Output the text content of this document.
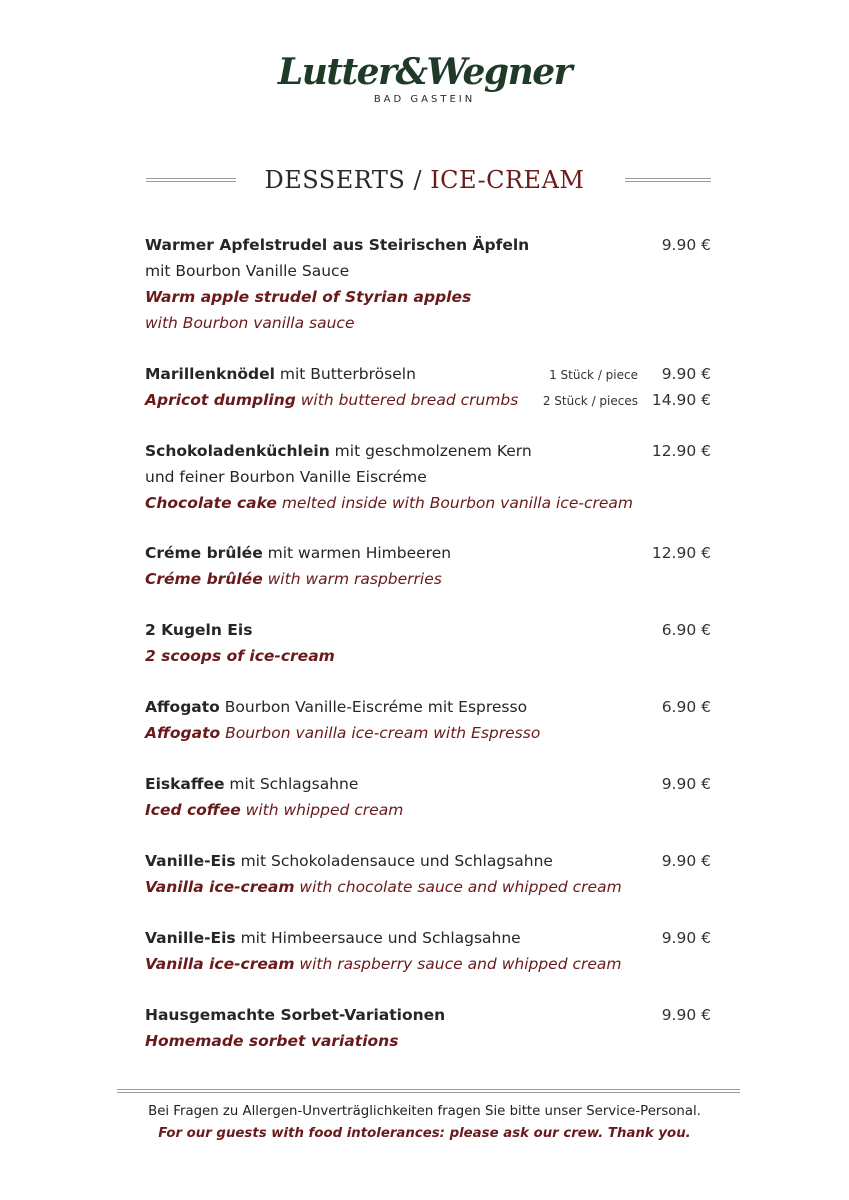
Lutter&Wegner
BAD GASTEIN
DESSERTS / ICE-CREAM
Warmer Apfelstrudel aus Steirischen Äpfeln	9.90 €
mit Bourbon Vanille Sauce
Warm apple strudel of Styrian apples
with Bourbon vanilla sauce
Marillenknödel mit Butterbröseln	1 Stück / piece 9.90 €
Apricot dumpling with buttered bread crumbs 2 Stück / pieces 14.90 €
Schokoladenküchlein mit geschmolzenem Kern	12.90 €
und feiner Bourbon Vanille Eiscréme
Chocolate cake melted inside with Bourbon vanilla ice-cream
Créme brûlée mit warmen Himbeeren	12.90 €
Créme brûlée with warm raspberries
2 Kugeln Eis	6.90 €
2 scoops of ice-cream
Affogato Bourbon Vanille-Eiscréme mit Espresso	6.90 €
Affogato Bourbon vanilla ice-cream with Espresso
Eiskaffee mit Schlagsahne	9.90 €
Iced coffee with whipped cream
Vanille-Eis mit Schokoladensauce und Schlagsahne	9.90 €
Vanilla ice-cream with chocolate sauce and whipped cream
Vanille-Eis mit Himbeersauce und Schlagsahne	9.90 €
Vanilla ice-cream with raspberry sauce and whipped cream
Hausgemachte Sorbet-Variationen	9.90 €
Homemade sorbet variations
Bei Fragen zu Allergen-Unverträglichkeiten fragen Sie bitte unser Service-Personal.
For our guests with food intolerances: please ask our crew. Thank you.
